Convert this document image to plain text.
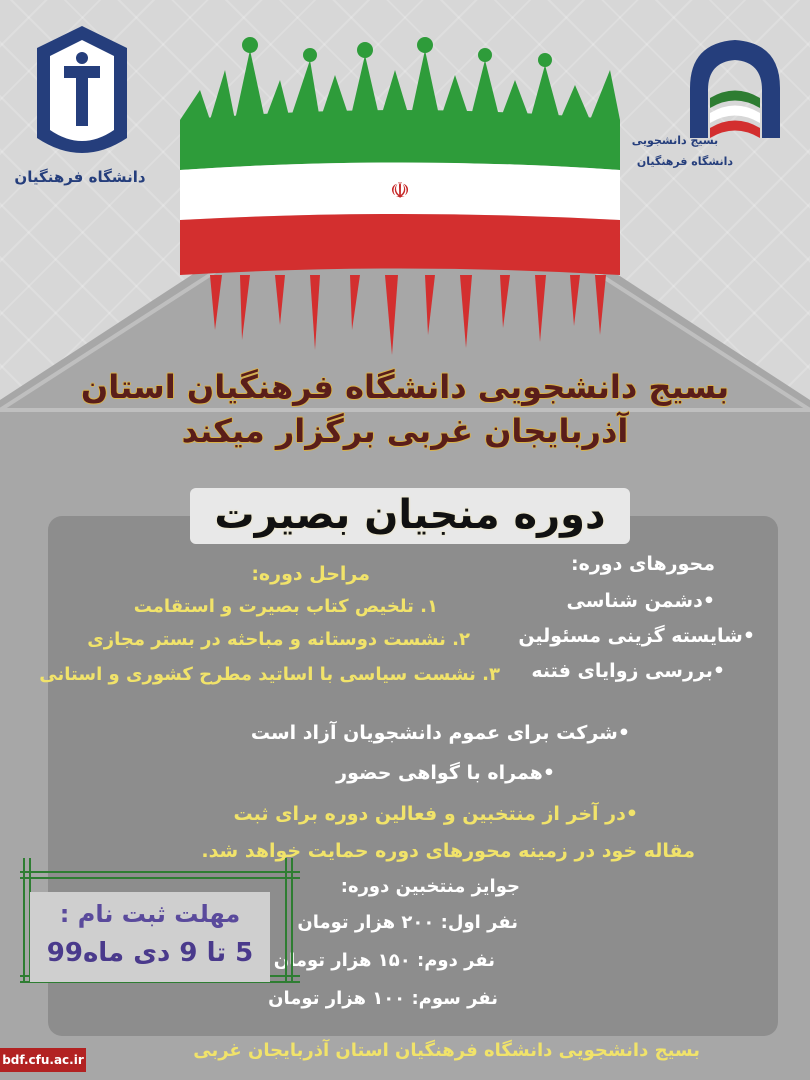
دانشگاه فرهنگیان
بسیج دانشجویی
دانشگاه فرهنگیان
☫
بسیج دانشجویی دانشگاه فرهنگیان استان
آذربایجان غربی برگزار میکند
دوره منجیان بصیرت
محورهای دوره:
•دشمن شناسی
•شایسته گزینی مسئولین
•بررسی زوایای فتنه
مراحل دوره:
۱. تلخیص کتاب بصیرت و استقامت
۲. نشست دوستانه و مباحثه در بستر مجازی
۳. نشست سیاسی با اساتید مطرح کشوری و استانی
•شرکت برای عموم دانشجویان آزاد است
•همراه با گواهی حضور
•در آخر از منتخبین و فعالین دوره برای ثبت
مقاله خود در زمینه محورهای دوره حمایت خواهد شد.
جوایز منتخبین دوره:
نفر اول: ۲۰۰ هزار تومان
نفر دوم: ۱۵۰ هزار تومان
نفر سوم: ۱۰۰ هزار تومان
مهلت ثبت نام :
5 تا 9 دی ماه99
بسیج دانشجویی دانشگاه فرهنگیان استان آذربایجان غربی
bdf.cfu.ac.ir
